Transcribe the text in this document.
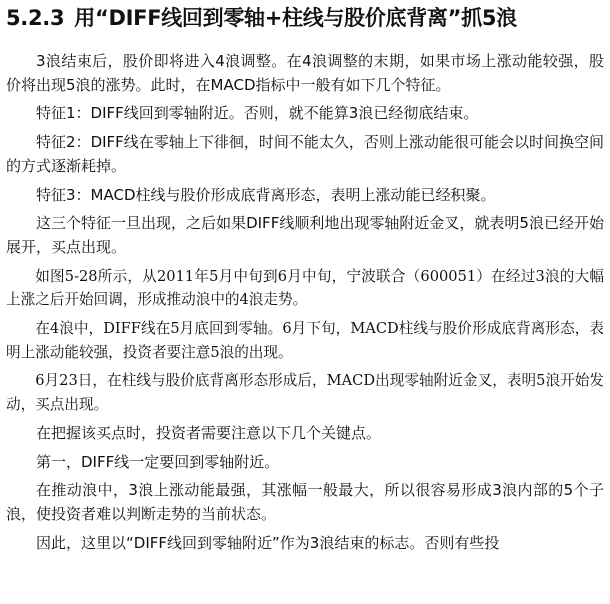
5.2.3 用“DIFF线回到零轴+柱线与股价底背离”抓5浪

3浪结束后，股价即将进入4浪调整。在4浪调整的末期，如果市场上涨动能较强，股价将出现5浪的涨势。此时，在MACD指标中一般有如下几个特征。

特征1：DIFF线回到零轴附近。否则，就不能算3浪已经彻底结束。

特征2：DIFF线在零轴上下徘徊，时间不能太久，否则上涨动能很可能会以时间换空间的方式逐渐耗掉。

特征3：MACD柱线与股价形成底背离形态，表明上涨动能已经积聚。

这三个特征一旦出现，之后如果DIFF线顺利地出现零轴附近金叉，就表明5浪已经开始展开，买点出现。

如图5-28所示，从2011年5月中旬到6月中旬，宁波联合（600051）在经过3浪的大幅上涨之后开始回调，形成推动浪中的4浪走势。

在4浪中，DIFF线在5月底回到零轴。6月下旬，MACD柱线与股价形成底背离形态，表明上涨动能较强，投资者要注意5浪的出现。

6月23日，在柱线与股价底背离形态形成后，MACD出现零轴附近金叉，表明5浪开始发动，买点出现。

在把握该买点时，投资者需要注意以下几个关键点。

第一，DIFF线一定要回到零轴附近。

在推动浪中，3浪上涨动能最强，其涨幅一般最大，所以很容易形成3浪内部的5个子浪，使投资者难以判断走势的当前状态。

因此，这里以“DIFF线回到零轴附近”作为3浪结束的标志。否则有些投
